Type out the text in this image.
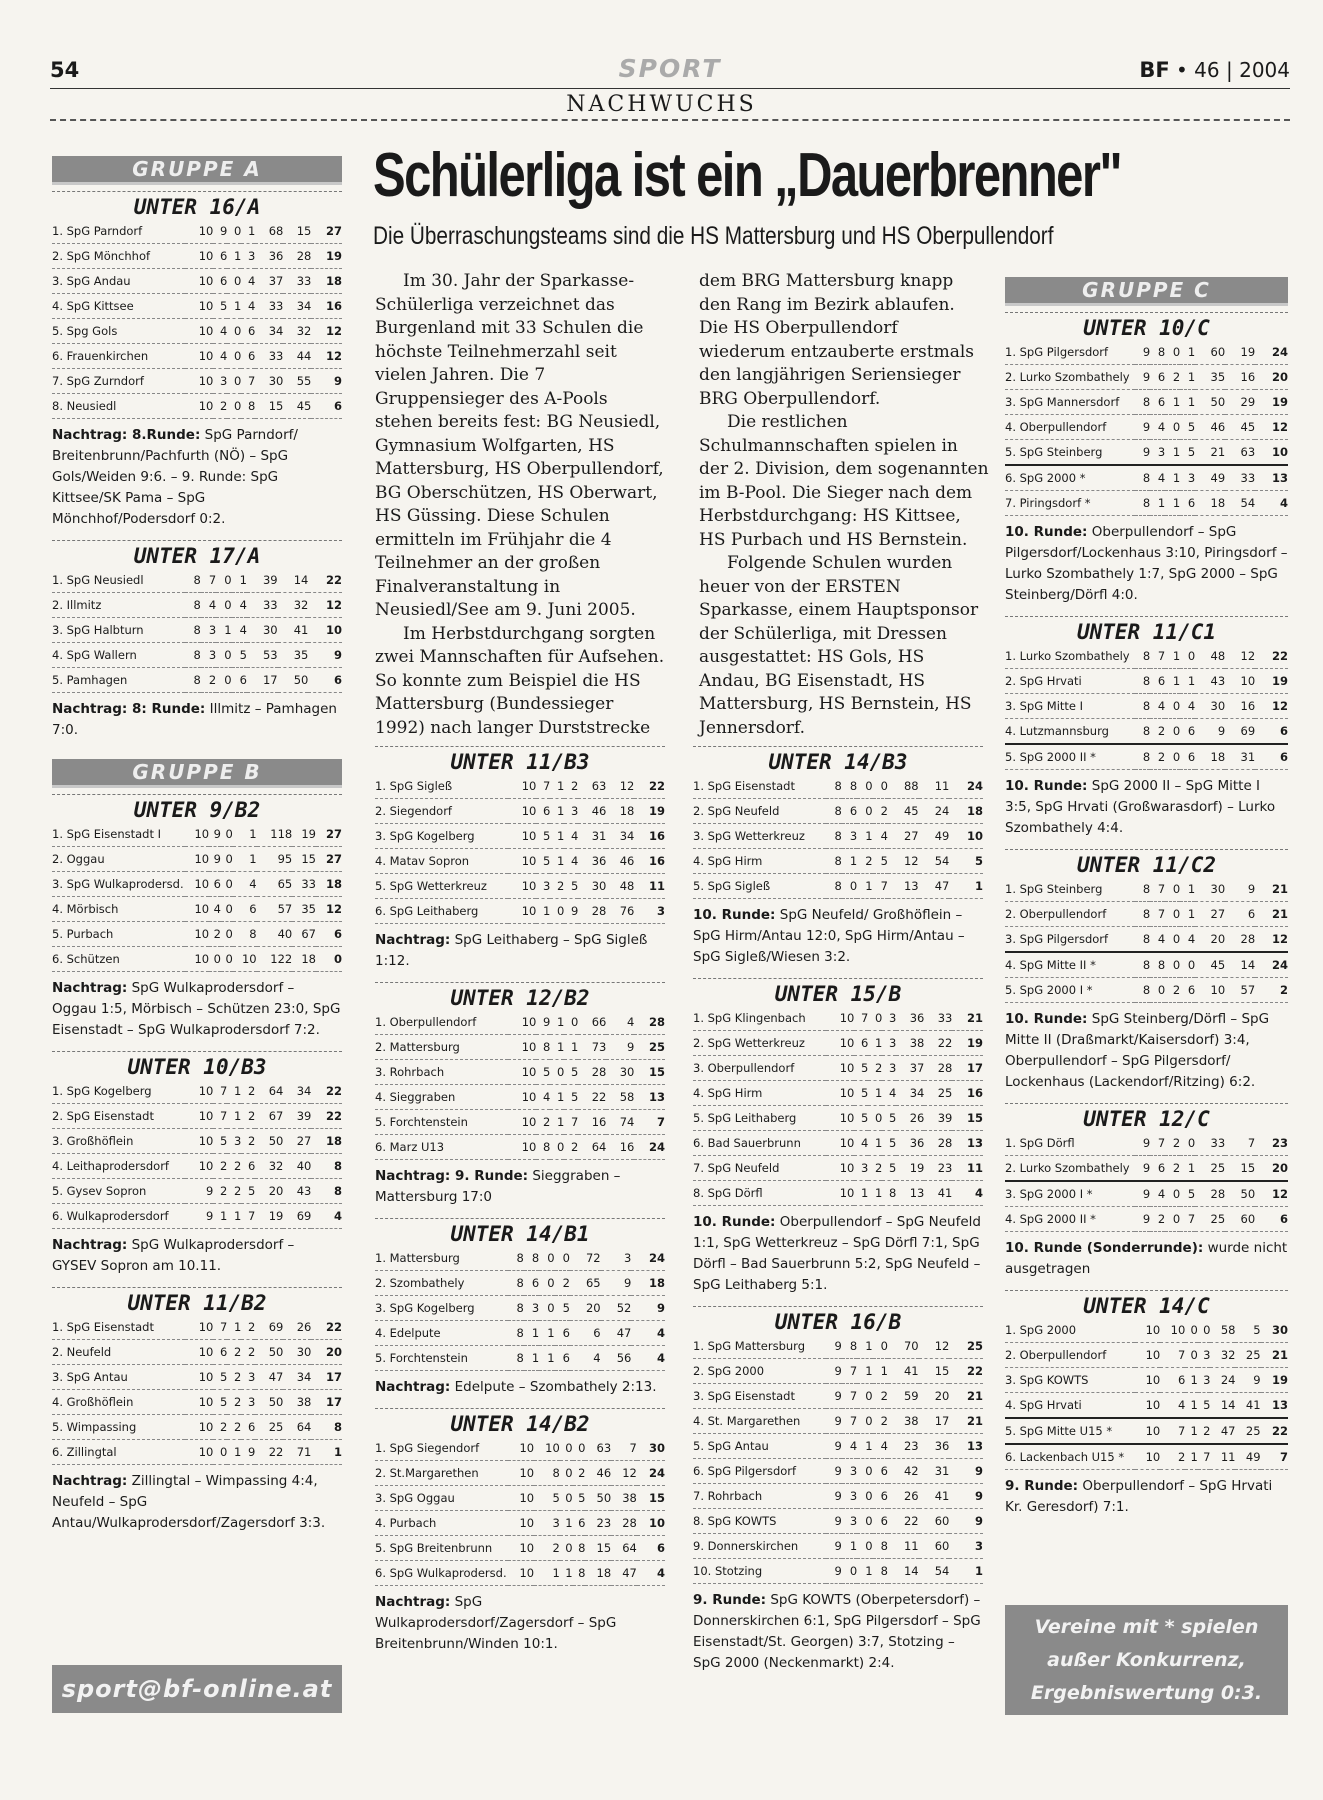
54	SPORT	BF • 46 | 2004
NACHWUCHS
Schülerliga ist ein „Dauerbrenner"
Die Überraschungsteams sind die HS Mattersburg und HS Oberpullendorf

Im 30. Jahr der Sparkasse-Schülerliga verzeichnet das Burgenland mit 33 Schulen die höchste Teilnehmerzahl seit vielen Jahren. Die 7 Gruppensieger des A-Pools stehen bereits fest: BG Neusiedl, Gymnasium Wolfgarten, HS Mattersburg, HS Oberpullendorf, BG Oberschützen, HS Oberwart, HS Güssing. Diese Schulen ermitteln im Frühjahr die 4 Teilnehmer an der großen Finalveranstaltung in Neusiedl/See am 9. Juni 2005.

Im Herbstdurchgang sorgten zwei Mannschaften für Aufsehen. So konnte zum Beispiel die HS Mattersburg (Bundessieger 1992) nach langer Durststrecke

dem BRG Mattersburg knapp den Rang im Bezirk ablaufen. Die HS Oberpullendorf wiederum entzauberte erstmals den langjährigen Seriensieger BRG Oberpullendorf.

Die restlichen Schulmannschaften spielen in der 2. Division, dem sogenannten im B-Pool. Die Sieger nach dem Herbstdurchgang: HS Kittsee, HS Purbach und HS Bernstein.

Folgende Schulen wurden heuer von der ERSTEN Sparkasse, einem Hauptsponsor der Schülerliga, mit Dressen ausgestattet: HS Gols, HS Andau, BG Eisenstadt, HS Mattersburg, HS Bernstein, HS Jennersdorf.

GRUPPE A
UNTER 16/A
1. SpG Parndorf	10	9	0	1	68	15	27
2. SpG Mönchhof	10	6	1	3	36	28	19
3. SpG Andau	10	6	0	4	37	33	18
4. SpG Kittsee	10	5	1	4	33	34	16
5. Spg Gols	10	4	0	6	34	32	12
6. Frauenkirchen	10	4	0	6	33	44	12
7. SpG Zurndorf	10	3	0	7	30	55	9
8. Neusiedl	10	2	0	8	15	45	6
Nachtrag: 8.Runde: SpG Parndorf/ Breitenbrunn/Pachfurth (NÖ) – SpG Gols/Weiden 9:6. – 9. Runde: SpG Kittsee/SK Pama – SpG Mönchhof/Podersdorf 0:2.
UNTER 17/A
1. SpG Neusiedl	8	7	0	1	39	14	22
2. Illmitz	8	4	0	4	33	32	12
3. SpG Halbturn	8	3	1	4	30	41	10
4. SpG Wallern	8	3	0	5	53	35	9
5. Pamhagen	8	2	0	6	17	50	6
Nachtrag: 8: Runde: Illmitz – Pamhagen 7:0.
GRUPPE B
UNTER 9/B2
1. SpG Eisenstadt I	10	9	0	1	118	19	27
2. Oggau	10	9	0	1	95	15	27
3. SpG Wulkaprodersd.	10	6	0	4	65	33	18
4. Mörbisch	10	4	0	6	57	35	12
5. Purbach	10	2	0	8	40	67	6
6. Schützen	10	0	0	10	122	18	0
Nachtrag: SpG Wulkaprodersdorf – Oggau 1:5, Mörbisch – Schützen 23:0, SpG Eisenstadt – SpG Wulkaprodersdorf 7:2.
UNTER 10/B3
1. SpG Kogelberg	10	7	1	2	64	34	22
2. SpG Eisenstadt	10	7	1	2	67	39	22
3. Großhöflein	10	5	3	2	50	27	18
4. Leithaprodersdorf	10	2	2	6	32	40	8
5. Gysev Sopron	9	2	2	5	20	43	8
6. Wulkaprodersdorf	9	1	1	7	19	69	4
Nachtrag: SpG Wulkaprodersdorf – GYSEV Sopron am 10.11.
UNTER 11/B2
1. SpG Eisenstadt	10	7	1	2	69	26	22
2. Neufeld	10	6	2	2	50	30	20
3. SpG Antau	10	5	2	3	47	34	17
4. Großhöflein	10	5	2	3	50	38	17
5. Wimpassing	10	2	2	6	25	64	8
6. Zillingtal	10	0	1	9	22	71	1
Nachtrag: Zillingtal – Wimpassing 4:4, Neufeld – SpG Antau/Wulkaprodersdorf/Zagersdorf 3:3.
UNTER 11/B3
1. SpG Sigleß	10	7	1	2	63	12	22
2. Siegendorf	10	6	1	3	46	18	19
3. SpG Kogelberg	10	5	1	4	31	34	16
4. Matav Sopron	10	5	1	4	36	46	16
5. SpG Wetterkreuz	10	3	2	5	30	48	11
6. SpG Leithaberg	10	1	0	9	28	76	3
Nachtrag: SpG Leithaberg – SpG Sigleß 1:12.
UNTER 12/B2
1. Oberpullendorf	10	9	1	0	66	4	28
2. Mattersburg	10	8	1	1	73	9	25
3. Rohrbach	10	5	0	5	28	30	15
4. Sieggraben	10	4	1	5	22	58	13
5. Forchtenstein	10	2	1	7	16	74	7
6. Marz U13	10	8	0	2	64	16	24
Nachtrag: 9. Runde: Sieggraben – Mattersburg 17:0
UNTER 14/B1
1. Mattersburg	8	8	0	0	72	3	24
2. Szombathely	8	6	0	2	65	9	18
3. SpG Kogelberg	8	3	0	5	20	52	9
4. Edelpute	8	1	1	6	6	47	4
5. Forchtenstein	8	1	1	6	4	56	4
Nachtrag: Edelpute – Szombathely 2:13.
UNTER 14/B2
1. SpG Siegendorf	10	10	0	0	63	7	30
2. St.Margarethen	10	8	0	2	46	12	24
3. SpG Oggau	10	5	0	5	50	38	15
4. Purbach	10	3	1	6	23	28	10
5. SpG Breitenbrunn	10	2	0	8	15	64	6
6. SpG Wulkaprodersd.	10	1	1	8	18	47	4
Nachtrag: SpG Wulkaprodersdorf/Zagersdorf – SpG Breitenbrunn/Winden 10:1.
UNTER 14/B3
1. SpG Eisenstadt	8	8	0	0	88	11	24
2. SpG Neufeld	8	6	0	2	45	24	18
3. SpG Wetterkreuz	8	3	1	4	27	49	10
4. SpG Hirm	8	1	2	5	12	54	5
5. SpG Sigleß	8	0	1	7	13	47	1
10. Runde: SpG Neufeld/ Großhöflein – SpG Hirm/Antau 12:0, SpG Hirm/Antau – SpG Sigleß/Wiesen 3:2.
UNTER 15/B
1. SpG Klingenbach	10	7	0	3	36	33	21
2. SpG Wetterkreuz	10	6	1	3	38	22	19
3. Oberpullendorf	10	5	2	3	37	28	17
4. SpG Hirm	10	5	1	4	34	25	16
5. SpG Leithaberg	10	5	0	5	26	39	15
6. Bad Sauerbrunn	10	4	1	5	36	28	13
7. SpG Neufeld	10	3	2	5	19	23	11
8. SpG Dörfl	10	1	1	8	13	41	4
10. Runde: Oberpullendorf – SpG Neufeld 1:1, SpG Wetterkreuz – SpG Dörfl 7:1, SpG Dörfl – Bad Sauerbrunn 5:2, SpG Neufeld – SpG Leithaberg 5:1.
UNTER 16/B
1. SpG Mattersburg	9	8	1	0	70	12	25
2. SpG 2000	9	7	1	1	41	15	22
3. SpG Eisenstadt	9	7	0	2	59	20	21
4. St. Margarethen	9	7	0	2	38	17	21
5. SpG Antau	9	4	1	4	23	36	13
6. SpG Pilgersdorf	9	3	0	6	42	31	9
7. Rohrbach	9	3	0	6	26	41	9
8. SpG KOWTS	9	3	0	6	22	60	9
9. Donnerskirchen	9	1	0	8	11	60	3
10. Stotzing	9	0	1	8	14	54	1
9. Runde: SpG KOWTS (Oberpetersdorf) – Donnerskirchen 6:1, SpG Pilgersdorf – SpG Eisenstadt/St. Georgen) 3:7, Stotzing – SpG 2000 (Neckenmarkt) 2:4.
GRUPPE C
UNTER 10/C
1. SpG Pilgersdorf	9	8	0	1	60	19	24
2. Lurko Szombathely	9	6	2	1	35	16	20
3. SpG Mannersdorf	8	6	1	1	50	29	19
4. Oberpullendorf	9	4	0	5	46	45	12
5. SpG Steinberg	9	3	1	5	21	63	10
6. SpG 2000 *	8	4	1	3	49	33	13
7. Piringsdorf *	8	1	1	6	18	54	4
10. Runde: Oberpullendorf – SpG Pilgersdorf/Lockenhaus 3:10, Piringsdorf – Lurko Szombathely 1:7, SpG 2000 – SpG Steinberg/Dörfl 4:0.
UNTER 11/C1
1. Lurko Szombathely	8	7	1	0	48	12	22
2. SpG Hrvati	8	6	1	1	43	10	19
3. SpG Mitte I	8	4	0	4	30	16	12
4. Lutzmannsburg	8	2	0	6	9	69	6
5. SpG 2000 II *	8	2	0	6	18	31	6
10. Runde: SpG 2000 II – SpG Mitte I 3:5, SpG Hrvati (Großwarasdorf) – Lurko Szombathely 4:4.
UNTER 11/C2
1. SpG Steinberg	8	7	0	1	30	9	21
2. Oberpullendorf	8	7	0	1	27	6	21
3. SpG Pilgersdorf	8	4	0	4	20	28	12
4. SpG Mitte II *	8	8	0	0	45	14	24
5. SpG 2000 I *	8	0	2	6	10	57	2
10. Runde: SpG Steinberg/Dörfl – SpG Mitte II (Draßmarkt/Kaisersdorf) 3:4, Oberpullendorf – SpG Pilgersdorf/ Lockenhaus (Lackendorf/Ritzing) 6:2.
UNTER 12/C
1. SpG Dörfl	9	7	2	0	33	7	23
2. Lurko Szombathely	9	6	2	1	25	15	20
3. SpG 2000 I *	9	4	0	5	28	50	12
4. SpG 2000 II *	9	2	0	7	25	60	6
10. Runde (Sonderrunde): wurde nicht ausgetragen
UNTER 14/C
1. SpG 2000	10	10	0	0	58	5	30
2. Oberpullendorf	10	7	0	3	32	25	21
3. SpG KOWTS	10	6	1	3	24	9	19
4. SpG Hrvati	10	4	1	5	14	41	13
5. SpG Mitte U15 *	10	7	1	2	47	25	22
6. Lackenbach U15 *	10	2	1	7	11	49	7
9. Runde: Oberpullendorf – SpG Hrvati Kr. Geresdorf) 7:1.
sport@bf-online.at
Vereine mit * spielen
außer Konkurrenz,
Ergebniswertung 0:3.
